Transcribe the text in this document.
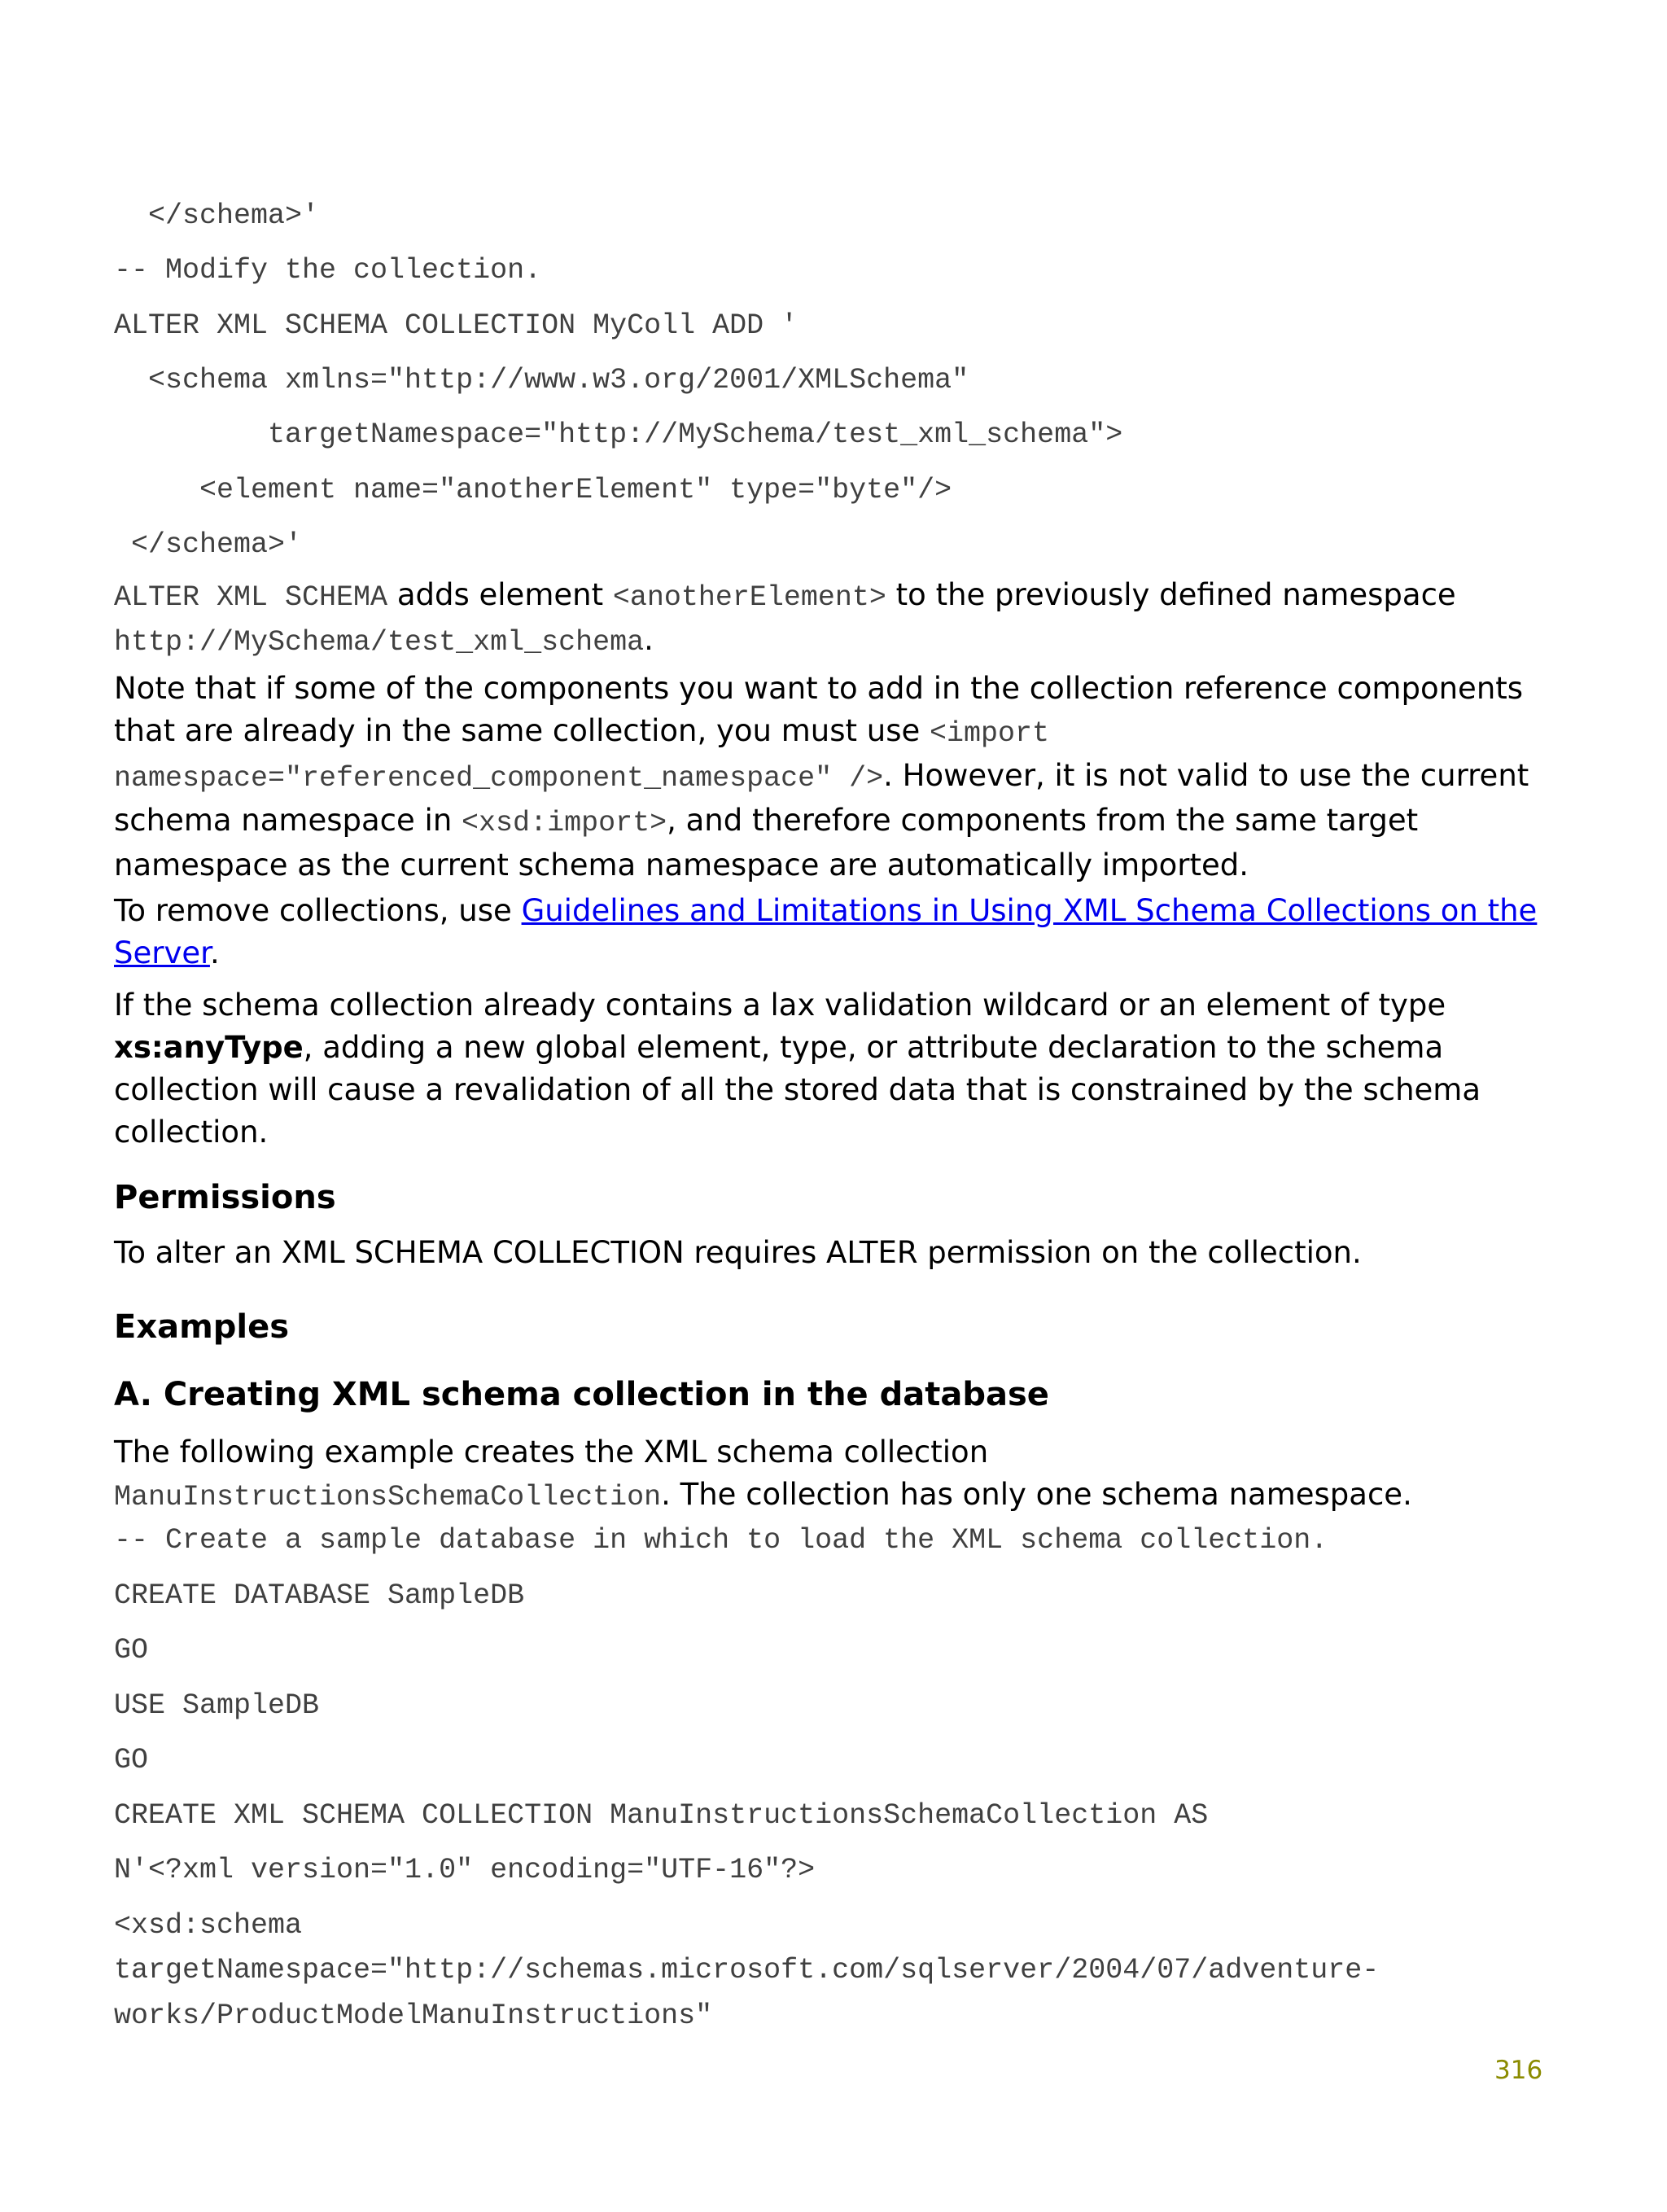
</schema>'
-- Modify the collection.
ALTER XML SCHEMA COLLECTION MyColl ADD '
<schema xmlns="http://www.w3.org/2001/XMLSchema"
targetNamespace="http://MySchema/test_xml_schema">
<element name="anotherElement" type="byte"/>
</schema>'
ALTER XML SCHEMA adds element <anotherElement> to the previously defined namespace
http://MySchema/test_xml_schema.
Note that if some of the components you want to add in the collection reference components that are already in the same collection, you must use <import
namespace="referenced_component_namespace" />. However, it is not valid to use the current schema namespace in <xsd:import>, and therefore components from the same target namespace as the current schema namespace are automatically imported.
To remove collections, use Guidelines and Limitations in Using XML Schema Collections on the Server.
If the schema collection already contains a lax validation wildcard or an element of type xs:anyType, adding a new global element, type, or attribute declaration to the schema collection will cause a revalidation of all the stored data that is constrained by the schema collection.
Permissions
To alter an XML SCHEMA COLLECTION requires ALTER permission on the collection.
Examples
A. Creating XML schema collection in the database
The following example creates the XML schema collection
ManuInstructionsSchemaCollection. The collection has only one schema namespace.
-- Create a sample database in which to load the XML schema collection.
CREATE DATABASE SampleDB
GO
USE SampleDB
GO
CREATE XML SCHEMA COLLECTION ManuInstructionsSchemaCollection AS
N'<?xml version="1.0" encoding="UTF-16"?>
<xsd:schema
targetNamespace="http://schemas.microsoft.com/sqlserver/2004/07/adventure-
works/ProductModelManuInstructions"
316
